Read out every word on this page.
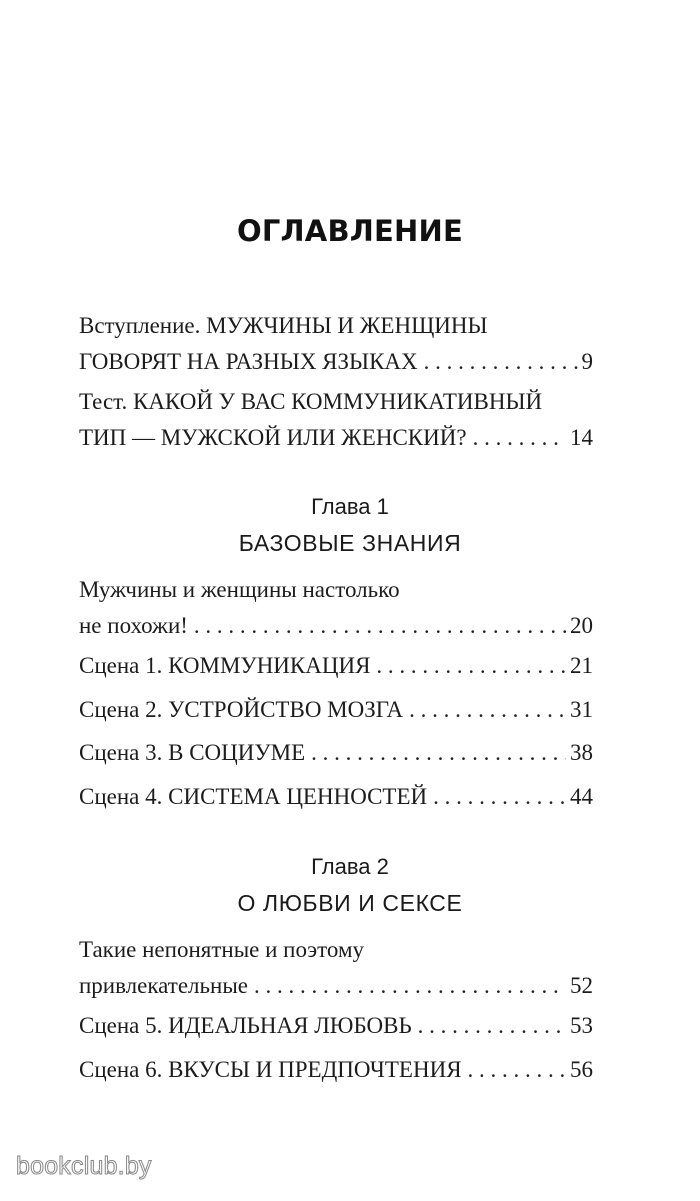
ОГЛАВЛЕНИЕ
Вступление. МУЖЧИНЫ И ЖЕНЩИНЫ
ГОВОРЯТ НА РАЗНЫХ ЯЗЫКАХ . . .	9
Тест. КАКОЙ У ВАС КОММУНИКАТИВНЫЙ
ТИП — МУЖСКОЙ ИЛИ ЖЕНСКИЙ? . . .	14
Глава 1
БАЗОВЫЕ ЗНАНИЯ
Мужчины и женщины настолько
не похожи! . . .	20
Сцена 1. КОММУНИКАЦИЯ . . .	21
Сцена 2. УСТРОЙСТВО МОЗГА . . .	31
Сцена 3. В СОЦИУМЕ . . .	38
Сцена 4. СИСТЕМА ЦЕННОСТЕЙ . . .	44
Глава 2
О ЛЮБВИ И СЕКСЕ
Такие непонятные и поэтому
привлекательные . . .	52
Сцена 5. ИДЕАЛЬНАЯ ЛЮБОВЬ . . .	53
Сцена 6. ВКУСЫ И ПРЕДПОЧТЕНИЯ . . .	56
bookclub.by
